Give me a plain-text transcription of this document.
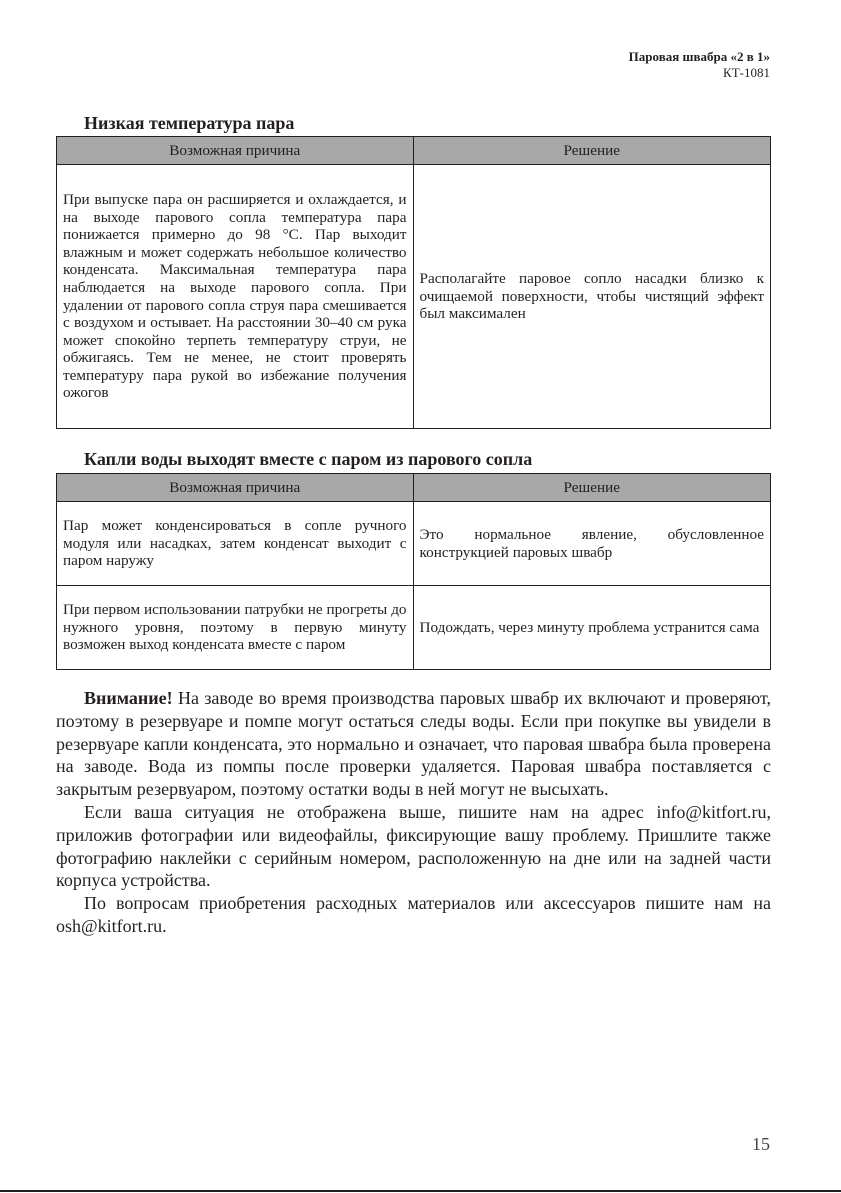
Паровая швабра «2 в 1»
КТ-1081
Низкая температура пара
Возможная причина	Решение
При выпуске пара он расширяется и охлаждается, и на выходе парового сопла температура пара понижается примерно до 98 °С. Пар выходит влажным и может содержать небольшое количество конденсата. Максимальная температура пара наблюдается на выходе парового сопла. При удалении от парового сопла струя пара смешивается с воздухом и остывает. На расстоянии 30–40 см рука может спокойно терпеть температуру струи, не обжигаясь. Тем не менее, не стоит проверять температуру пара рукой во избежание получения ожогов	Располагайте паровое сопло насадки близко к очищаемой поверхности, чтобы чистящий эффект был максимален
Капли воды выходят вместе с паром из парового сопла
Возможная причина	Решение
Пар может конденсироваться в сопле ручного модуля или насадках, затем конденсат выходит с паром наружу	Это нормальное явление, обусловленное конструкцией паровых швабр
При первом использовании патрубки не прогреты до нужного уровня, поэтому в первую минуту возможен выход конденсата вместе с паром	Подождать, через минуту проблема устранится сама

Внимание! На заводе во время производства паровых швабр их включают и проверяют, поэтому в резервуаре и помпе могут остаться следы воды. Если при покупке вы увидели в резервуаре капли конденсата, это нормально и означает, что паровая швабра была проверена на заводе. Вода из помпы после проверки удаляется. Паровая швабра поставляется с закрытым резервуаром, поэтому остатки воды в ней могут не высыхать.

Если ваша ситуация не отображена выше, пишите нам на адрес info@kitfort.ru, приложив фотографии или видеофайлы, фиксирующие вашу проблему. Пришлите также фотографию наклейки с серийным номером, расположенную на дне или на задней части корпуса устройства.

По вопросам приобретения расходных материалов или аксессуаров пишите нам на osh@kitfort.ru.

15
